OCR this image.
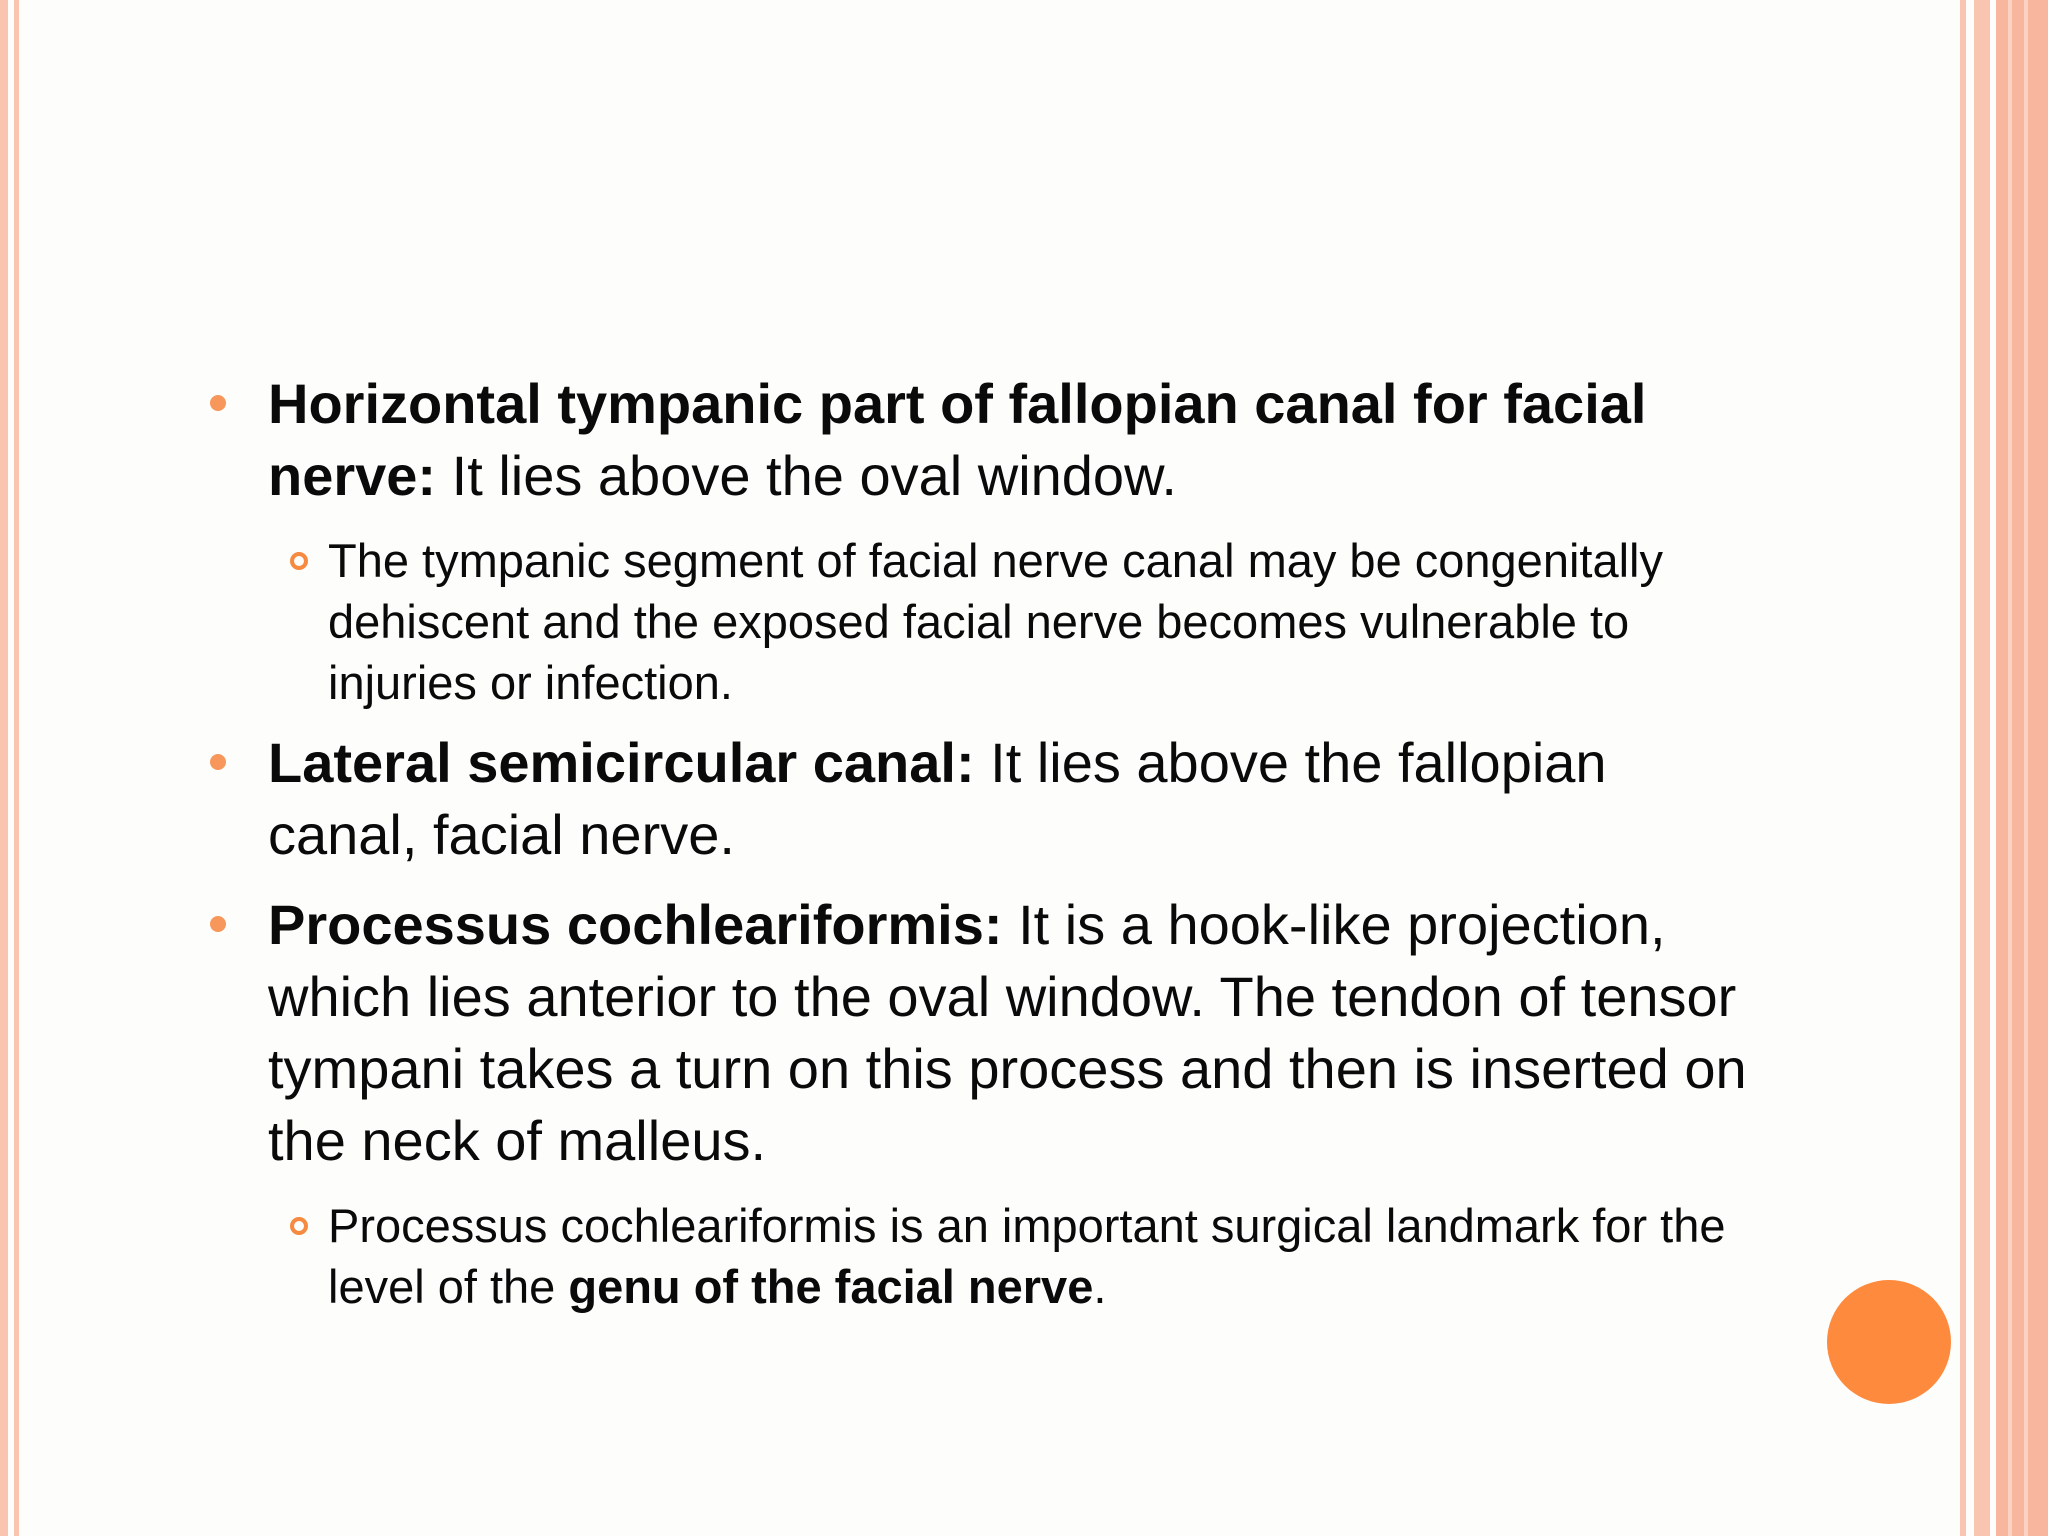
Horizontal tympanic part of fallopian canal for facial nerve: It lies above the oval window.
The tympanic segment of facial nerve canal may be congenitally dehiscent and the exposed facial nerve becomes vulnerable to injuries or infection.
Lateral semicircular canal: It lies above the fallopian canal, facial nerve.
Processus cochleariformis: It is a hook-like projection, which lies anterior to the oval window. The tendon of tensor tympani takes a turn on this process and then is inserted on the neck of malleus.
Processus cochleariformis is an important surgical landmark for the level of the genu of the facial nerve.
